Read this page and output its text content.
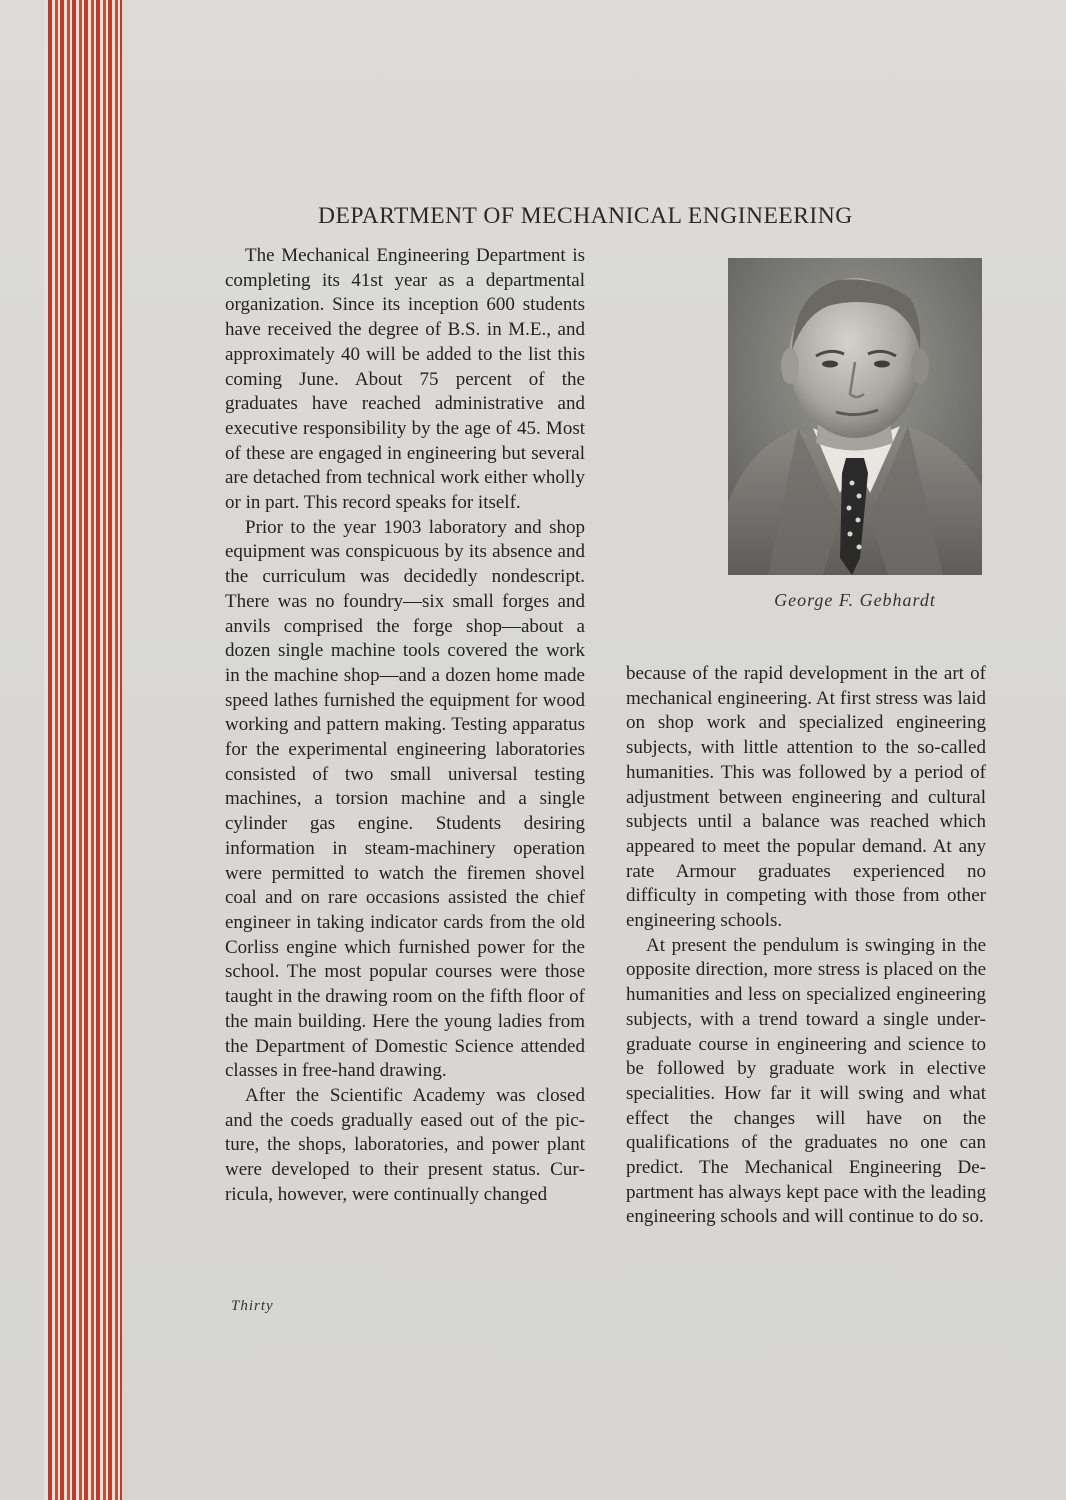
DEPARTMENT OF MECHANICAL ENGINEERING

The Mechanical Engineering Department is completing its 41st year as a departmental organization. Since its inception 600 students have received the degree of B.S. in M.E., and approximately 40 will be added to the list this coming June. About 75 percent of the graduates have reached administrative and executive responsibility by the age of 45. Most of these are engaged in engineering but several are detached from technical work either wholly or in part. This record speaks for itself.

Prior to the year 1903 laboratory and shop equipment was conspicuous by its absence and the curriculum was decidedly nondescript. There was no foundry—six small forges and anvils comprised the forge shop—about a dozen single machine tools covered the work in the machine shop—and a dozen home made speed lathes furnished the equipment for wood working and pattern making. Testing apparatus for the experimental engineering laboratories consisted of two small universal testing machines, a torsion machine and a single cylinder gas engine. Students desiring information in steam-machinery operation were permitted to watch the firemen shovel coal and on rare occasions assisted the chief engineer in taking indicator cards from the old Corliss engine which furnished power for the school. The most popular courses were those taught in the drawing room on the fifth floor of the main building. Here the young ladies from the Department of Domestic Science attended classes in free-hand drawing.

After the Scientific Academy was closed and the coeds gradually eased out of the picture, the shops, laboratories, and power plant were developed to their present status. Curricula, however, were continually changed

George F. Gebhardt

because of the rapid development in the art of mechanical engineering. At first stress was laid on shop work and specialized engineering subjects, with little attention to the so-called humanities. This was followed by a period of adjustment between engineering and cultural subjects until a balance was reached which appeared to meet the popular demand. At any rate Armour graduates experienced no difficulty in competing with those from other engineering schools.

At present the pendulum is swinging in the opposite direction, more stress is placed on the humanities and less on specialized engineering subjects, with a trend toward a single under-graduate course in engineering and science to be followed by graduate work in elective specialities. How far it will swing and what effect the changes will have on the qualifications of the graduates no one can predict. The Mechanical Engineering Department has always kept pace with the leading engineering schools and will continue to do so.

Thirty
